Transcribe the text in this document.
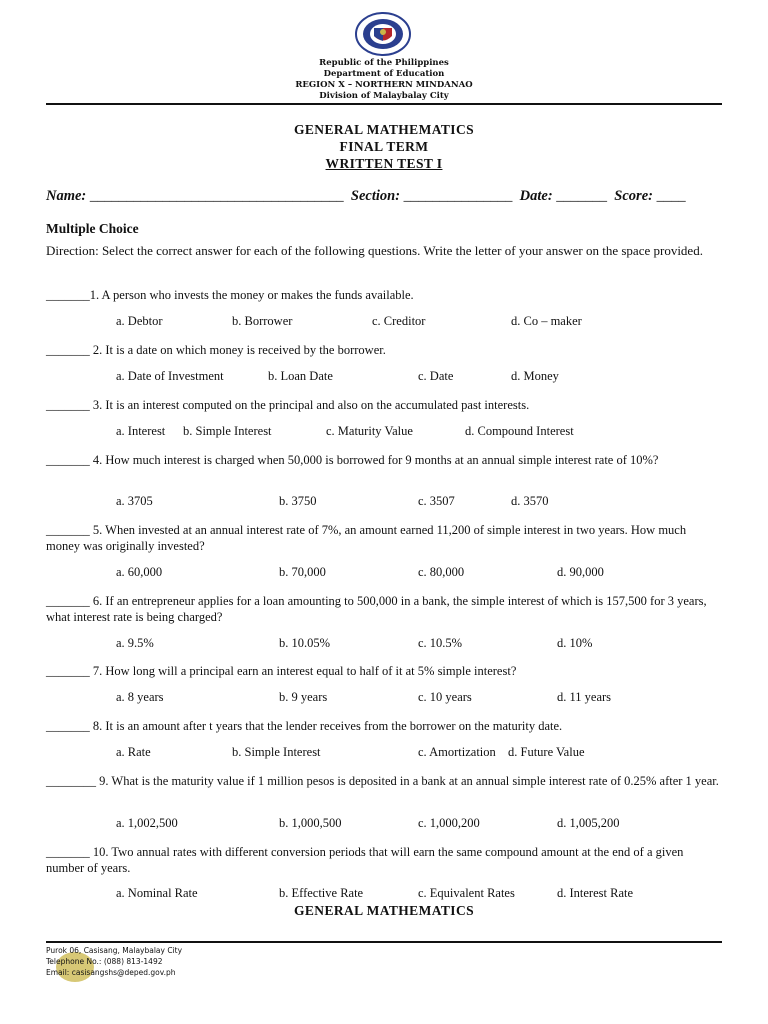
Republic of the Philippines
Department of Education
REGION X – NORTHERN MINDANAO
Division of Malaybalay City
GENERAL MATHEMATICS
FINAL TERM
WRITTEN TEST I
Name: ___________________________________ Section: _______________ Date: _______ Score: ____
Multiple Choice
Direction: Select the correct answer for each of the following questions. Write the letter of your answer on the space provided.
_______1. A person who invests the money or makes the funds available.
a. Debtor	b. Borrower	c. Creditor	d. Co – maker
_______ 2. It is a date on which money is received by the borrower.
a. Date of Investment	b. Loan Date	c. Date	d. Money
_______ 3. It is an interest computed on the principal and also on the accumulated past interests.
a. Interest b. Simple Interest	c. Maturity Value	d. Compound Interest
_______ 4. How much interest is charged when 50,000 is borrowed for 9 months at an annual simple interest rate of 10%?
a. 3705	b. 3750	c. 3507	d. 3570
_______ 5. When invested at an annual interest rate of 7%, an amount earned 11,200 of simple interest in two years. How much money was originally invested?
a. 60,000	b. 70,000	c. 80,000	d. 90,000
_______ 6. If an entrepreneur applies for a loan amounting to 500,000 in a bank, the simple interest of which is 157,500 for 3 years, what interest rate is being charged?
a. 9.5%	b. 10.05%	c. 10.5%	d. 10%
_______ 7. How long will a principal earn an interest equal to half of it at 5% simple interest?
a. 8 years	b. 9 years	c. 10 years	d. 11 years
_______ 8. It is an amount after t years that the lender receives from the borrower on the maturity date.
a. Rate	b. Simple Interest	c. Amortization d. Future Value
________ 9. What is the maturity value if 1 million pesos is deposited in a bank at an annual simple interest rate of 0.25% after 1 year.
a. 1,002,500	b. 1,000,500	c. 1,000,200	d. 1,005,200
_______ 10. Two annual rates with different conversion periods that will earn the same compound amount at the end of a given number of years.
a. Nominal Rate	b. Effective Rate	c. Equivalent Rates	d. Interest Rate
GENERAL MATHEMATICS
Purok 06, Casisang, Malaybalay City
Telephone No.: (088) 813-1492
Email: casisangshs@deped.gov.ph
